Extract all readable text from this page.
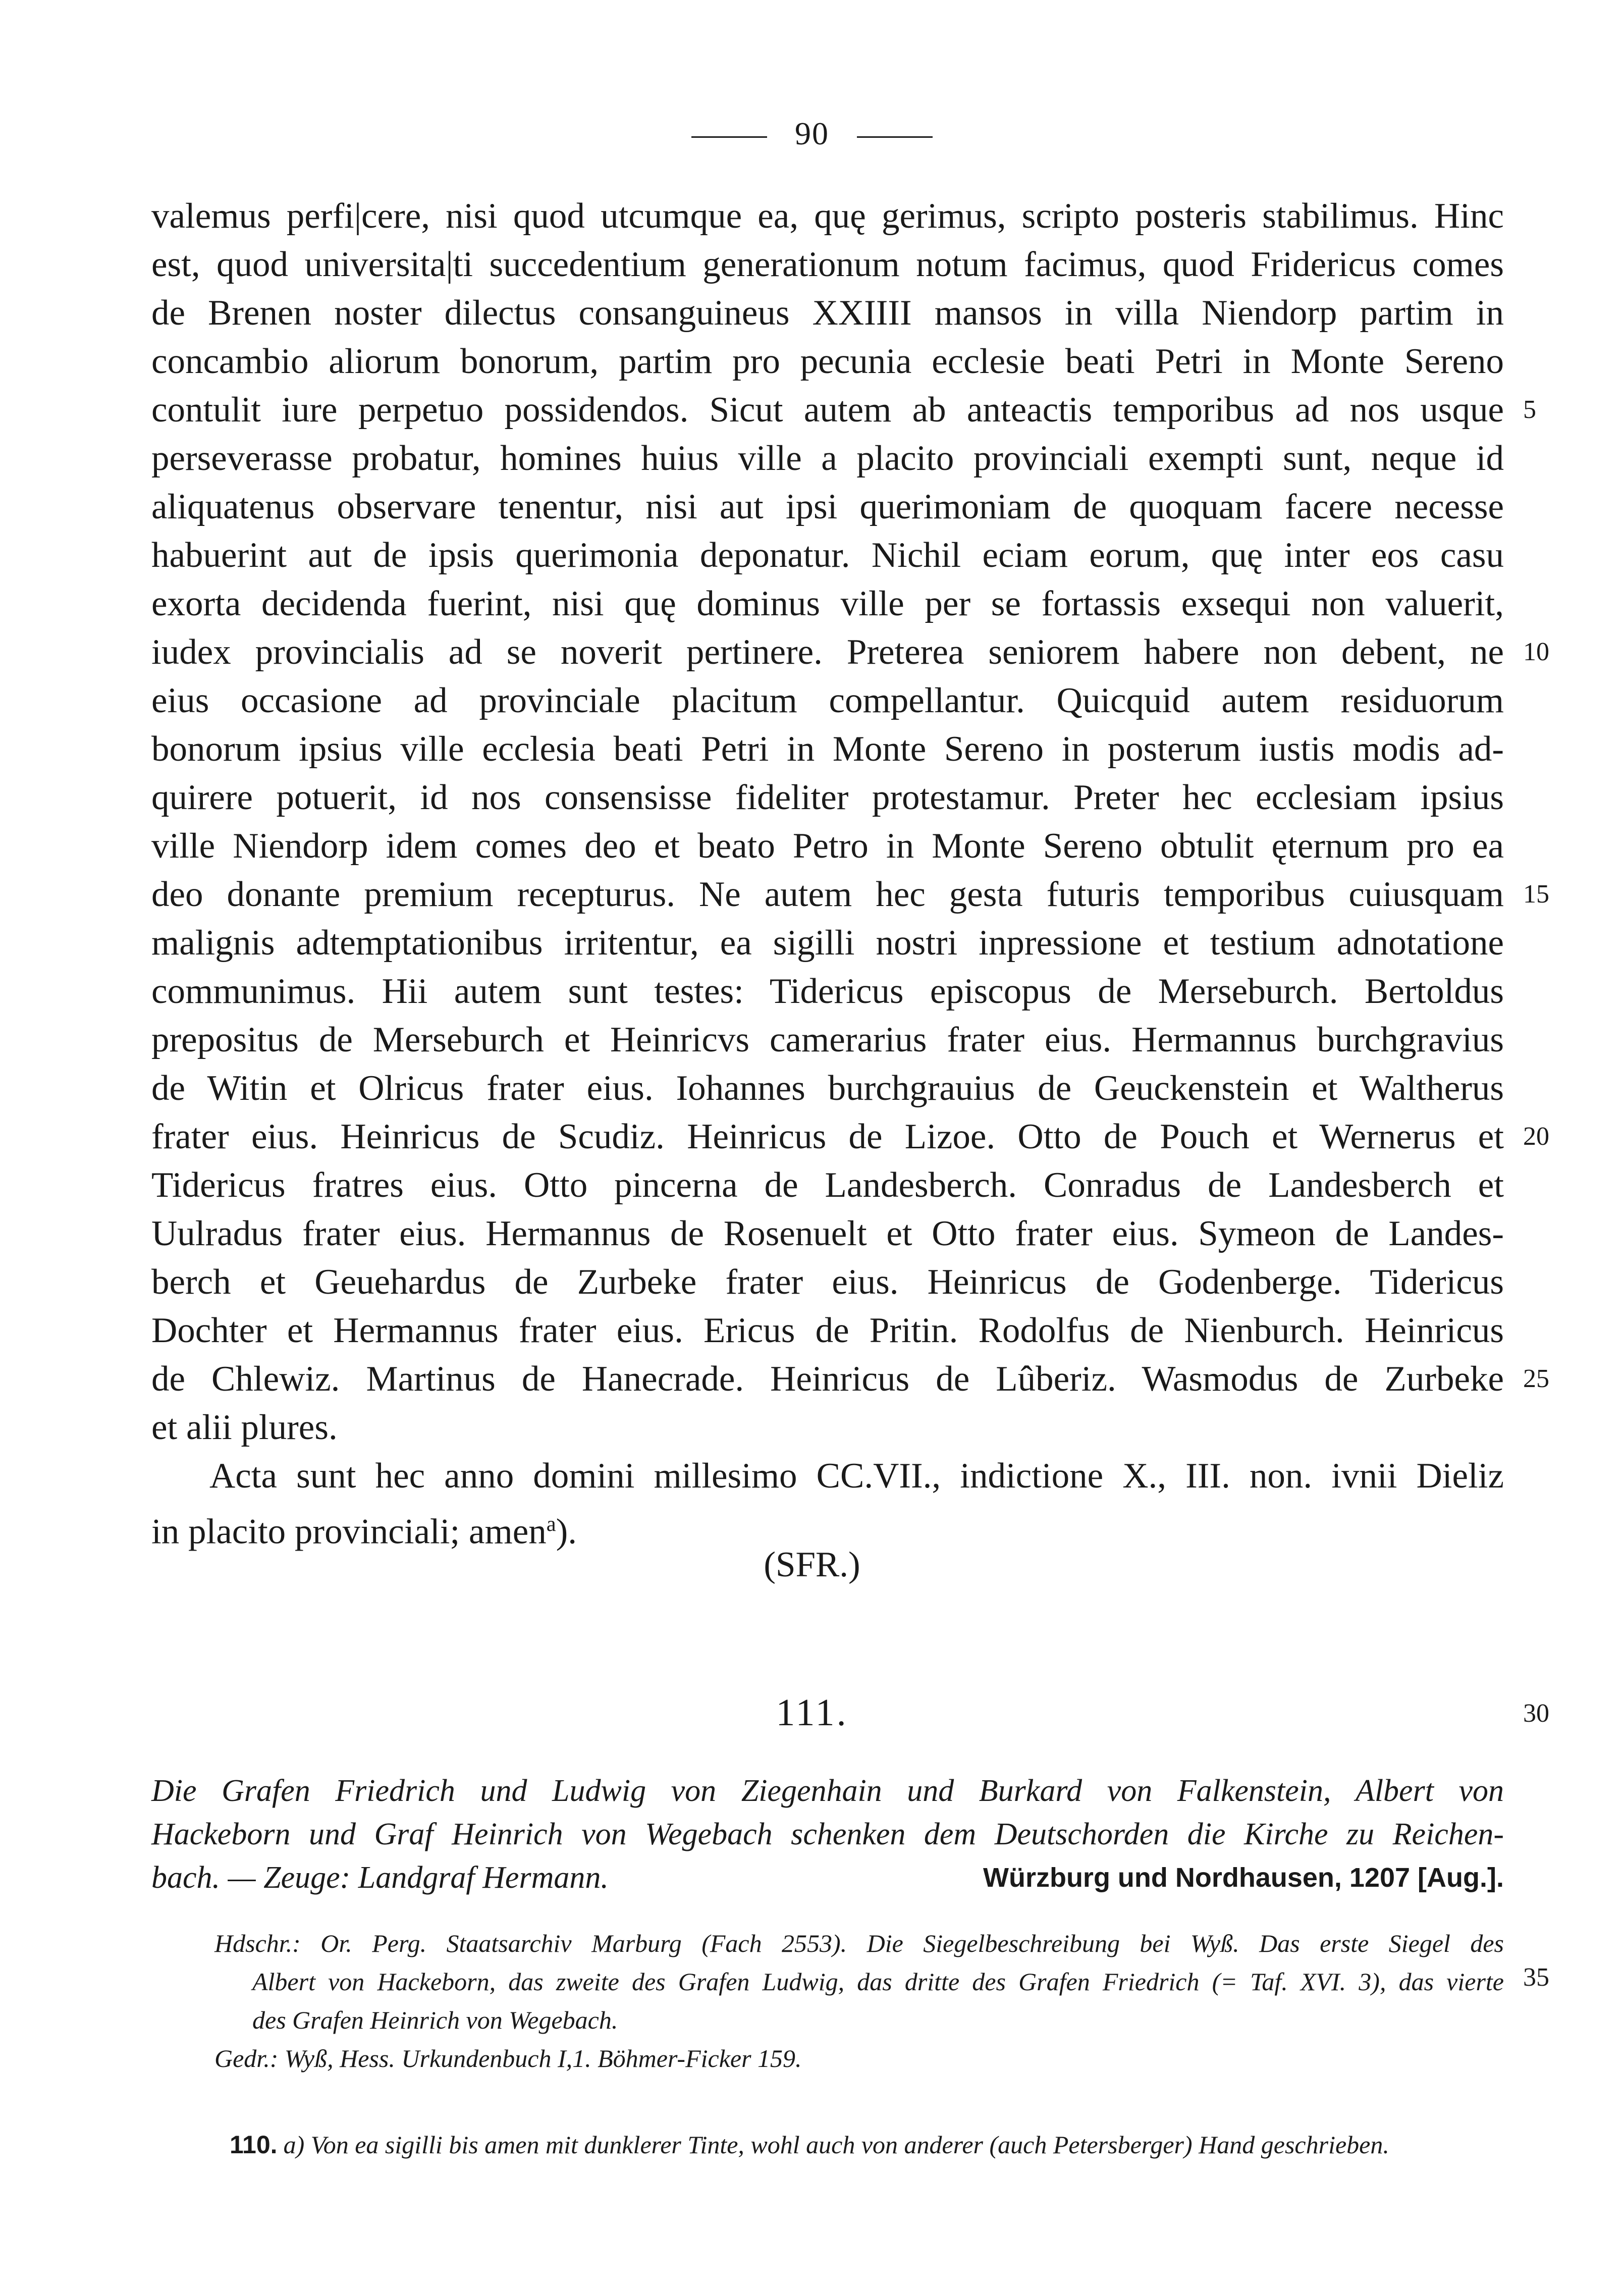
90
valemus perfi|cere, nisi quod utcumque ea, quę gerimus, scripto posteris stabilimus. Hinc
est, quod universita|ti succedentium generationum notum facimus, quod Fridericus comes
de Brenen noster dilectus consanguineus XXIIII mansos in villa Niendorp partim in
concambio aliorum bonorum, partim pro pecunia ecclesie beati Petri in Monte Sereno
contulit iure perpetuo possidendos. Sicut autem ab anteactis temporibus ad nos usque
perseverasse probatur, homines huius ville a placito provinciali exempti sunt, neque id
aliquatenus observare tenentur, nisi aut ipsi querimoniam de quoquam facere necesse
habuerint aut de ipsis querimonia deponatur. Nichil eciam eorum, quę inter eos casu
exorta decidenda fuerint, nisi quę dominus ville per se fortassis exsequi non valuerit,
iudex provincialis ad se noverit pertinere. Preterea seniorem habere non debent, ne
eius occasione ad provinciale placitum compellantur. Quicquid autem residuorum
bonorum ipsius ville ecclesia beati Petri in Monte Sereno in posterum iustis modis ad-
quirere potuerit, id nos consensisse fideliter protestamur. Preter hec ecclesiam ipsius
ville Niendorp idem comes deo et beato Petro in Monte Sereno obtulit ęternum pro ea
deo donante premium recepturus. Ne autem hec gesta futuris temporibus cuiusquam
malignis adtemptationibus irritentur, ea sigilli nostri inpressione et testium adnotatione
communimus. Hii autem sunt testes: Tidericus episcopus de Merseburch. Bertoldus
prepositus de Merseburch et Heinricvs camerarius frater eius. Hermannus burchgravius
de Witin et Olricus frater eius. Iohannes burchgrauius de Geuckenstein et Waltherus
frater eius. Heinricus de Scudiz. Heinricus de Lizoe. Otto de Pouch et Wernerus et
Tidericus fratres eius. Otto pincerna de Landesberch. Conradus de Landesberch et
Uulradus frater eius. Hermannus de Rosenuelt et Otto frater eius. Symeon de Landes-
berch et Geuehardus de Zurbeke frater eius. Heinricus de Godenberge. Tidericus
Dochter et Hermannus frater eius. Ericus de Pritin. Rodolfus de Nienburch. Heinricus
de Chlewiz. Martinus de Hanecrade. Heinricus de Lûberiz. Wasmodus de Zurbeke
et alii plures.
Acta sunt hec anno domini millesimo CC.VII., indictione X., III. non. ivnii Dieliz
in placito provinciali; amen$^a$).
5
10
15
20
25
(SFR.)
111.	30
Die Grafen Friedrich und Ludwig von Ziegenhain und Burkard von Falkenstein, Albert von
Hackeborn und Graf Heinrich von Wegebach schenken dem Deutschorden die Kirche zu Reichen-
bach. — Zeuge: Landgraf Hermann.	Würzburg und Nordhausen, 1207 [Aug.].
Hdschr.: Or. Perg. Staatsarchiv Marburg (Fach 2553). Die Siegelbeschreibung bei Wyß. Das erste Siegel des
Albert von Hackeborn, das zweite des Grafen Ludwig, das dritte des Grafen Friedrich (= Taf. XVI. 3), das vierte
des Grafen Heinrich von Wegebach.
Gedr.: Wyß, Hess. Urkundenbuch I,1. Böhmer-Ficker 159.
35
110. a) Von ea sigilli bis amen mit dunklerer Tinte, wohl auch von anderer (auch Petersberger) Hand geschrieben.
